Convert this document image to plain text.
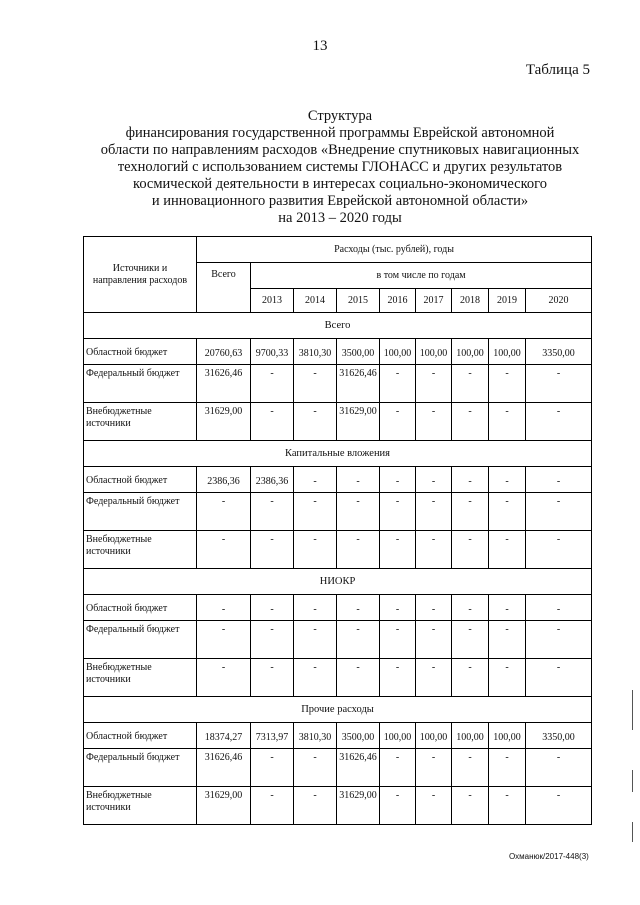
13
Таблица 5
Структура
финансирования государственной программы Еврейской автономной
области по направлениям расходов «Внедрение спутниковых навигационных
технологий с использованием системы ГЛОНАСС и других результатов
космической деятельности в интересах социально-экономического
и инновационного развития Еврейской автономной области»
на 2013 – 2020 годы
Источники и направления расходов	Расходы (тыс. рублей), годы								
	Всего	в том числе по годам							
		2013	2014	2015	2016	2017	2018	2019	2020
Всего									
Областной бюджет	20760,63	9700,33	3810,30	3500,00	100,00	100,00	100,00	100,00	3350,00
Федеральный бюджет	31626,46	-	-	31626,46	-	-	-	-	-
Внебюджетные источники	31629,00	-	-	31629,00	-	-	-	-	-
Капитальные вложения									
Областной бюджет	2386,36	2386,36	-	-	-	-	-	-	-
Федеральный бюджет	-	-	-	-	-	-	-	-	-
Внебюджетные источники	-	-	-	-	-	-	-	-	-
НИОКР									
Областной бюджет	-	-	-	-	-	-	-	-	-
Федеральный бюджет	-	-	-	-	-	-	-	-	-
Внебюджетные источники	-	-	-	-	-	-	-	-	-
Прочие расходы									
Областной бюджет	18374,27	7313,97	3810,30	3500,00	100,00	100,00	100,00	100,00	3350,00
Федеральный бюджет	31626,46	-	-	31626,46	-	-	-	-	-
Внебюджетные источники	31629,00	-	-	31629,00	-	-	-	-	-
Охманюк/2017-448(3)
